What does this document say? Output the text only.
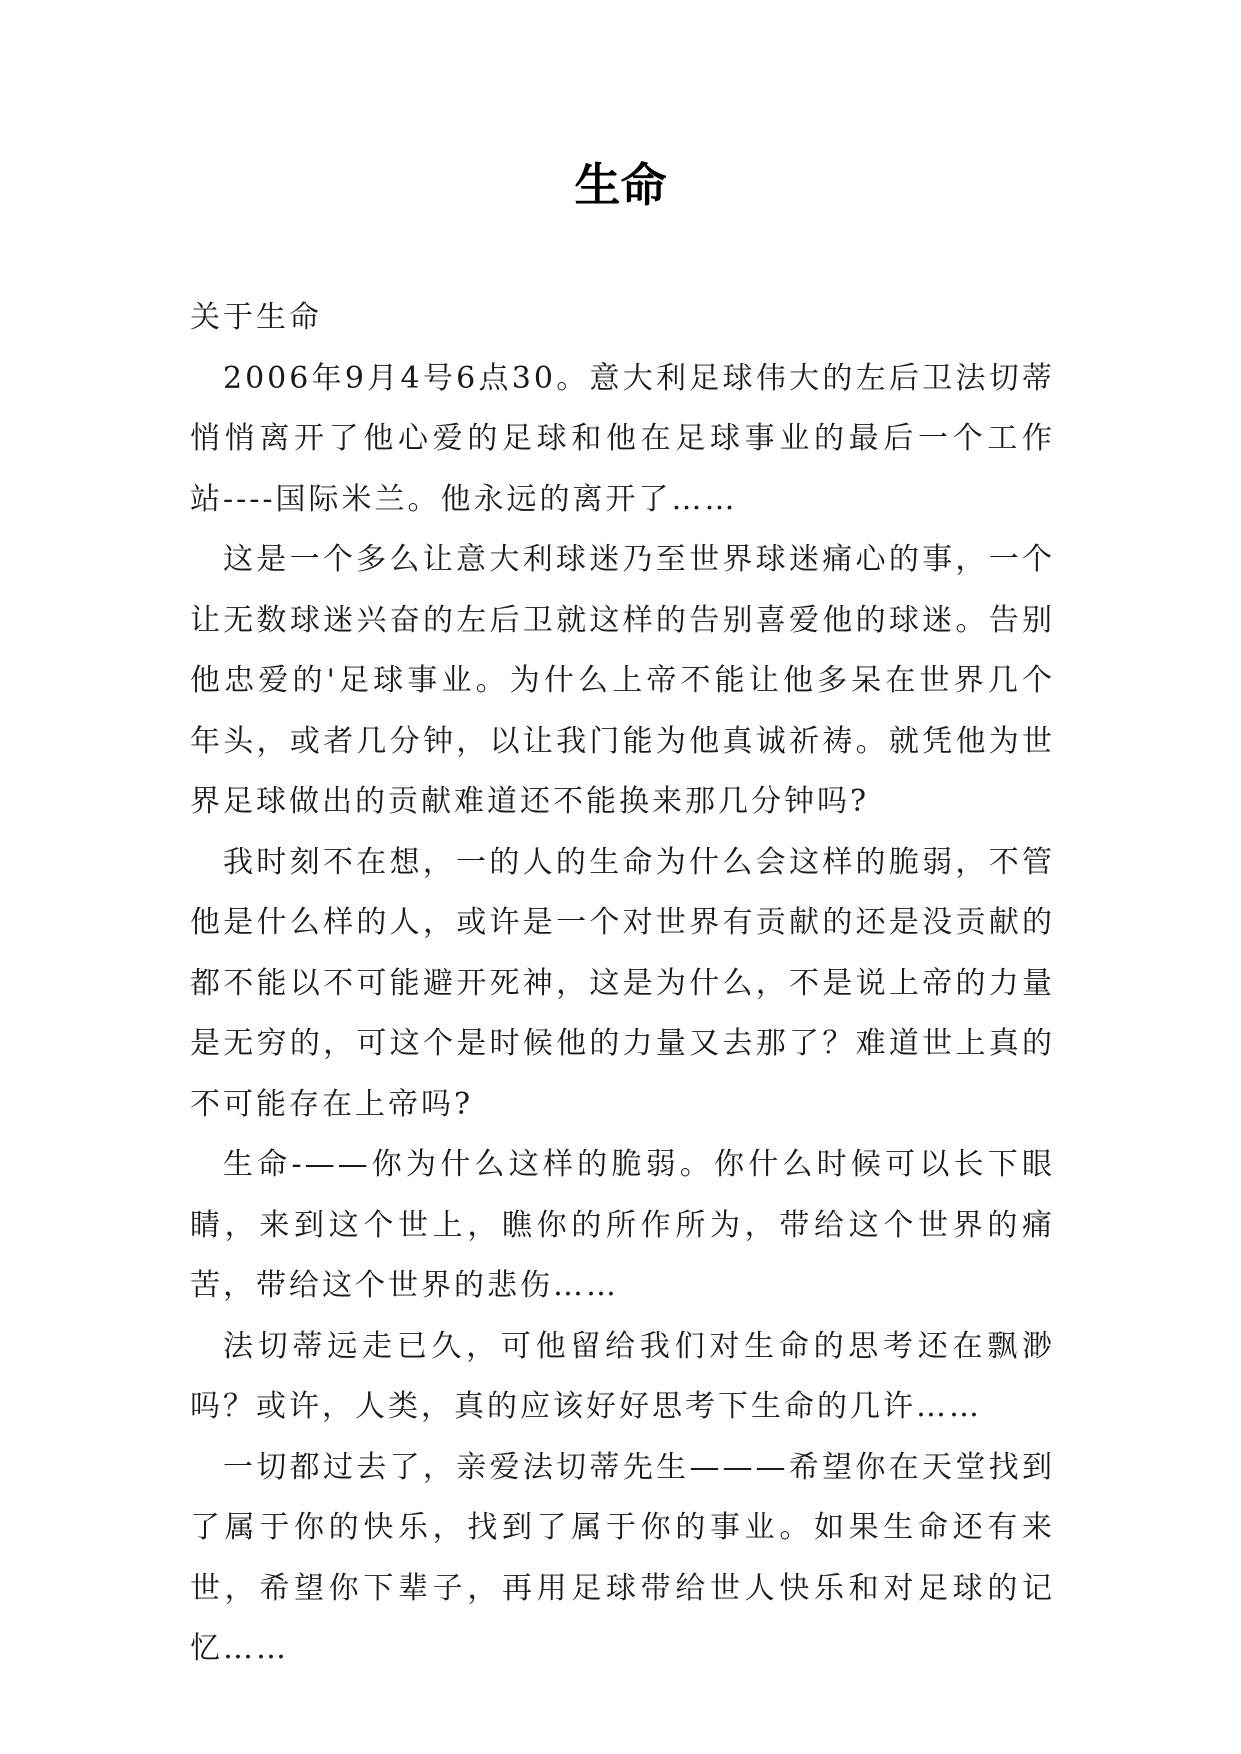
生命

关于生命

2006年9月4号6点30。意大利足球伟大的左后卫法切蒂悄悄离开了他心爱的足球和他在足球事业的最后一个工作站----国际米兰。他永远的离开了……

这是一个多么让意大利球迷乃至世界球迷痛心的事，一个让无数球迷兴奋的左后卫就这样的告别喜爱他的球迷。告别他忠爱的'足球事业。为什么上帝不能让他多呆在世界几个年头，或者几分钟，以让我门能为他真诚祈祷。就凭他为世界足球做出的贡献难道还不能换来那几分钟吗?

我时刻不在想，一的人的生命为什么会这样的脆弱，不管他是什么样的人，或许是一个对世界有贡献的还是没贡献的都不能以不可能避开死神，这是为什么，不是说上帝的力量是无穷的，可这个是时候他的力量又去那了？难道世上真的不可能存在上帝吗?

生命-——你为什么这样的脆弱。你什么时候可以长下眼睛，来到这个世上，瞧你的所作所为，带给这个世界的痛苦，带给这个世界的悲伤……

法切蒂远走已久，可他留给我们对生命的思考还在飘渺吗？或许，人类，真的应该好好思考下生命的几许……

一切都过去了，亲爱法切蒂先生———希望你在天堂找到了属于你的快乐，找到了属于你的事业。如果生命还有来世，希望你下辈子，再用足球带给世人快乐和对足球的记忆……
